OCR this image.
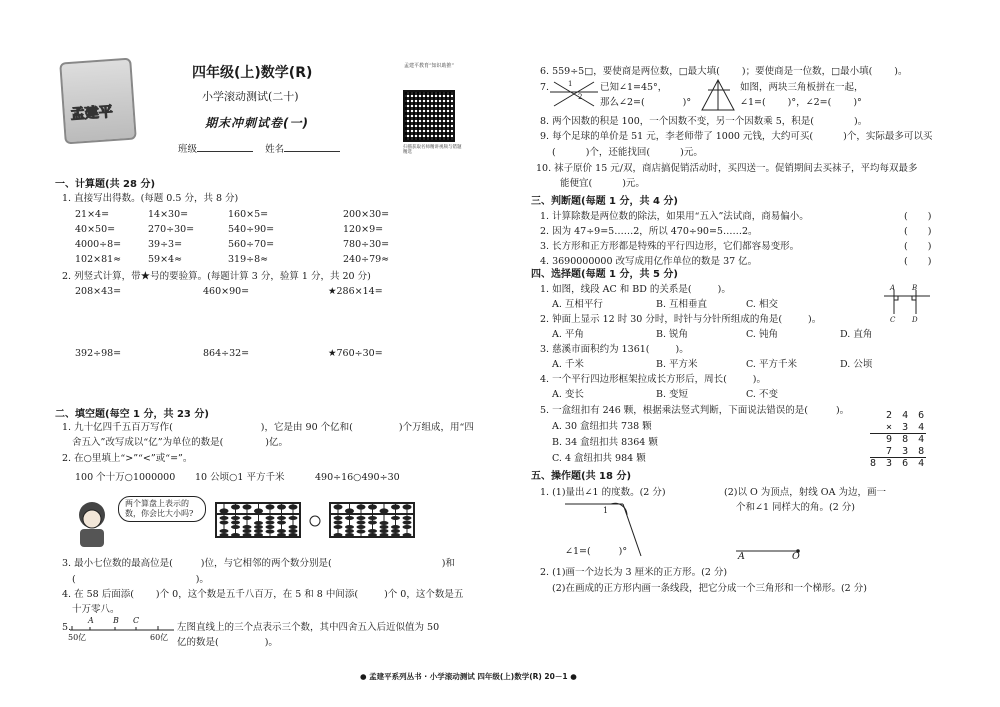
孟建平
四年级(上)数学(R)
小学滚动测试(二十)
期末冲刺试卷(一)
班级	姓名
孟建平教育“知识助推”
扫描获取名师精讲视频与错题精选
一、计算题(共 28 分)
1. 直接写出得数。(每题 0.5 分，共 8 分)
21×4=	14×30=	160×5=	200×30=
40×50=	270÷30=	540÷90=	120×9=
4000÷8=	39÷3=	560÷70=	780÷30=
102×81≈	59×4≈	319÷8≈	240÷79≈
2. 列竖式计算，带★号的要验算。(每题计算 3 分，验算 1 分，共 20 分)
208×43=	460×90=	★286×14=
392÷98=	864÷32=	★760÷30=
二、填空题(每空 1 分，共 23 分)
1. 九十亿四千五百万写作(	)，它是由 90 个亿和(	)个万组成，用“四
舍五入”改写成以“亿”为单位的数是(	)亿。
2. 在○里填上“>”“<”或“=”。
100 个十万○1000000 10 公顷○1 平方千米	490÷16○490÷30
两个算盘上表示的数，你会比大小吗?
3. 最小七位数的最高位是(	)位，与它相邻的两个数分别是(	)和
(	)。
4. 在 58 后面添( )个 0，这个数是五千八百万，在 5 和 8 中间添(	)个 0，这个数是五
十万零八。
5.
A B C
50亿	60亿
左图直线上的三个点表示三个数，其中四舍五入后近似值为 50
亿的数是(	)。
6. 559÷5□，要使商是两位数，□最大填( )；要使商是一位数，□最小填( )。
7.	1
2
已知∠1=45°，
那么∠2=(	)°
如图，两块三角板拼在一起，
∠1=( )°，∠2=( )°
8. 两个因数的积是 100，一个因数不变，另一个因数乘 5，积是(	)。
9. 每个足球的单价是 51 元，李老师带了 1000 元钱，大约可买(	)个，实际最多可以买
(	)个，还能找回(	)元。
10. 袜子原价 15 元/双，商店搞促销活动时，买四送一。促销期间去买袜子，平均每双最多
能便宜(	)元。
三、判断题(每题 1 分，共 4 分)
1. 计算除数是两位数的除法，如果用“五入”法试商，商易偏小。	( )
2. 因为 47÷9=5……2，所以 470÷90=5……2。	( )
3. 长方形和正方形都是特殊的平行四边形，它们都容易变形。	( )
4. 3690000000 改写成用亿作单位的数是 37 亿。	( )
四、选择题(每题 1 分，共 5 分)
1. 如图，线段 AC 和 BD 的关系是(	)。
A. 互相平行	B. 互相垂直	C. 相交
2. 钟面上显示 12 时 30 分时，时针与分针所组成的角是(	)。
A. 平角	B. 锐角	C. 钝角	D. 直角
3. 慈溪市面积约为 1361(	)。
A. 千米	B. 平方米	C. 平方千米	D. 公顷
4. 一个平行四边形框架拉成长方形后，周长(	)。
A. 变长	B. 变短	C. 不变
A B
C D
5. 一盒纽扣有 246 颗，根据乘法竖式判断，下面说法错误的是(	)。
A. 30 盒纽扣共 738 颗
B. 34 盒纽扣共 8364 颗
C. 4 盒纽扣共 984 颗
2 4 6
× 3 4
9 8 4
7 3 8
8 3 6 4
五、操作题(共 18 分)
1. (1)量出∠1 的度数。(2 分)
1
∠1=(	)°
(2)以 O 为顶点，射线 OA 为边，画一
个和∠1 同样大的角。(2 分)
A	O
2. (1)画一个边长为 3 厘米的正方形。(2 分)
(2)在画成的正方形内画一条线段，把它分成一个三角形和一个梯形。(2 分)
● 孟建平系列丛书 · 小学滚动测试 四年级(上)数学(R) 20－1 ●
